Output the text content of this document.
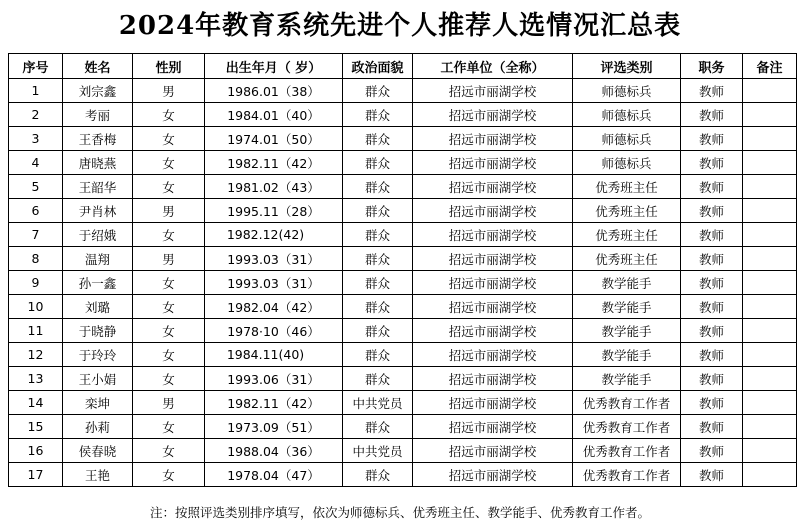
2024年教育系统先进个人推荐人选情况汇总表
序号	姓名	性别	出生年月（ 岁）	政治面貌	工作单位（全称）	评选类别	职务	备注
1	刘宗鑫	男	1986.01（38）	群众	招远市丽湖学校	师德标兵	教师	
2	考丽	女	1984.01（40）	群众	招远市丽湖学校	师德标兵	教师	
3	王香梅	女	1974.01（50）	群众	招远市丽湖学校	师德标兵	教师	
4	唐晓燕	女	1982.11（42）	群众	招远市丽湖学校	师德标兵	教师	
5	王韶华	女	1981.02（43）	群众	招远市丽湖学校	优秀班主任	教师	
6	尹肖林	男	1995.11（28）	群众	招远市丽湖学校	优秀班主任	教师	
7	于绍娥	女	1982.12(42)	群众	招远市丽湖学校	优秀班主任	教师	
8	温翔	男	1993.03（31）	群众	招远市丽湖学校	优秀班主任	教师	
9	孙一鑫	女	1993.03（31）	群众	招远市丽湖学校	教学能手	教师	
10	刘璐	女	1982.04（42）	群众	招远市丽湖学校	教学能手	教师	
11	于晓静	女	1978·10（46）	群众	招远市丽湖学校	教学能手	教师	
12	于玲玲	女	1984.11(40)	群众	招远市丽湖学校	教学能手	教师	
13	王小娟	女	1993.06（31）	群众	招远市丽湖学校	教学能手	教师	
14	栾坤	男	1982.11（42）	中共党员	招远市丽湖学校	优秀教育工作者	教师	
15	孙莉	女	1973.09（51）	群众	招远市丽湖学校	优秀教育工作者	教师	
16	侯春晓	女	1988.04（36）	中共党员	招远市丽湖学校	优秀教育工作者	教师	
17	王艳	女	1978.04（47）	群众	招远市丽湖学校	优秀教育工作者	教师	
注：按照评选类别排序填写，依次为师德标兵、优秀班主任、教学能手、优秀教育工作者。
